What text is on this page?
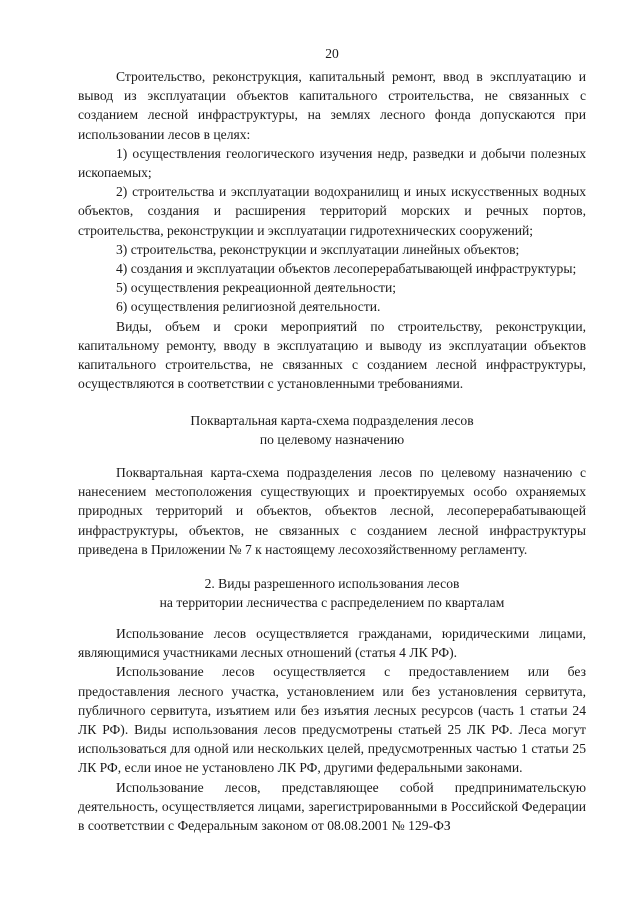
20

Строительство, реконструкция, капитальный ремонт, ввод в эксплуатацию и вывод из эксплуатации объектов капитального строительства, не связанных с созданием лесной инфраструктуры, на землях лесного фонда допускаются при использовании лесов в целях:

1) осуществления геологического изучения недр, разведки и добычи полезных ископаемых;

2) строительства и эксплуатации водохранилищ и иных искусственных водных объектов, создания и расширения территорий морских и речных портов, строительства, реконструкции и эксплуатации гидротехнических сооружений;

3) строительства, реконструкции и эксплуатации линейных объектов;

4) создания и эксплуатации объектов лесоперерабатывающей инфраструктуры;

5) осуществления рекреационной деятельности;

6) осуществления религиозной деятельности.

Виды, объем и сроки мероприятий по строительству, реконструкции, капитальному ремонту, вводу в эксплуатацию и выводу из эксплуатации объектов капитального строительства, не связанных с созданием лесной инфраструктуры, осуществляются в соответствии с установленными требованиями.

Поквартальная карта-схема подразделения лесов

по целевому назначению

Поквартальная карта-схема подразделения лесов по целевому назначению с нанесением местоположения существующих и проектируемых особо охраняемых природных территорий и объектов, объектов лесной, лесоперерабатывающей инфраструктуры, объектов, не связанных с созданием лесной инфраструктуры приведена в Приложении № 7 к настоящему лесохозяйственному регламенту.

2. Виды разрешенного использования лесов

на территории лесничества с распределением по кварталам

Использование лесов осуществляется гражданами, юридическими лицами, являющимися участниками лесных отношений (статья 4 ЛК РФ).

Использование лесов осуществляется с предоставлением или без предоставления лесного участка, установлением или без установления сервитута, публичного сервитута, изъятием или без изъятия лесных ресурсов (часть 1 статьи 24 ЛК РФ). Виды использования лесов предусмотрены статьей 25 ЛК РФ. Леса могут использоваться для одной или нескольких целей, предусмотренных частью 1 статьи 25 ЛК РФ, если иное не установлено ЛК РФ, другими федеральными законами.

Использование лесов, представляющее собой предпринимательскую деятельность, осуществляется лицами, зарегистрированными в Российской Федерации в соответствии с Федеральным законом от 08.08.2001 № 129-ФЗ
